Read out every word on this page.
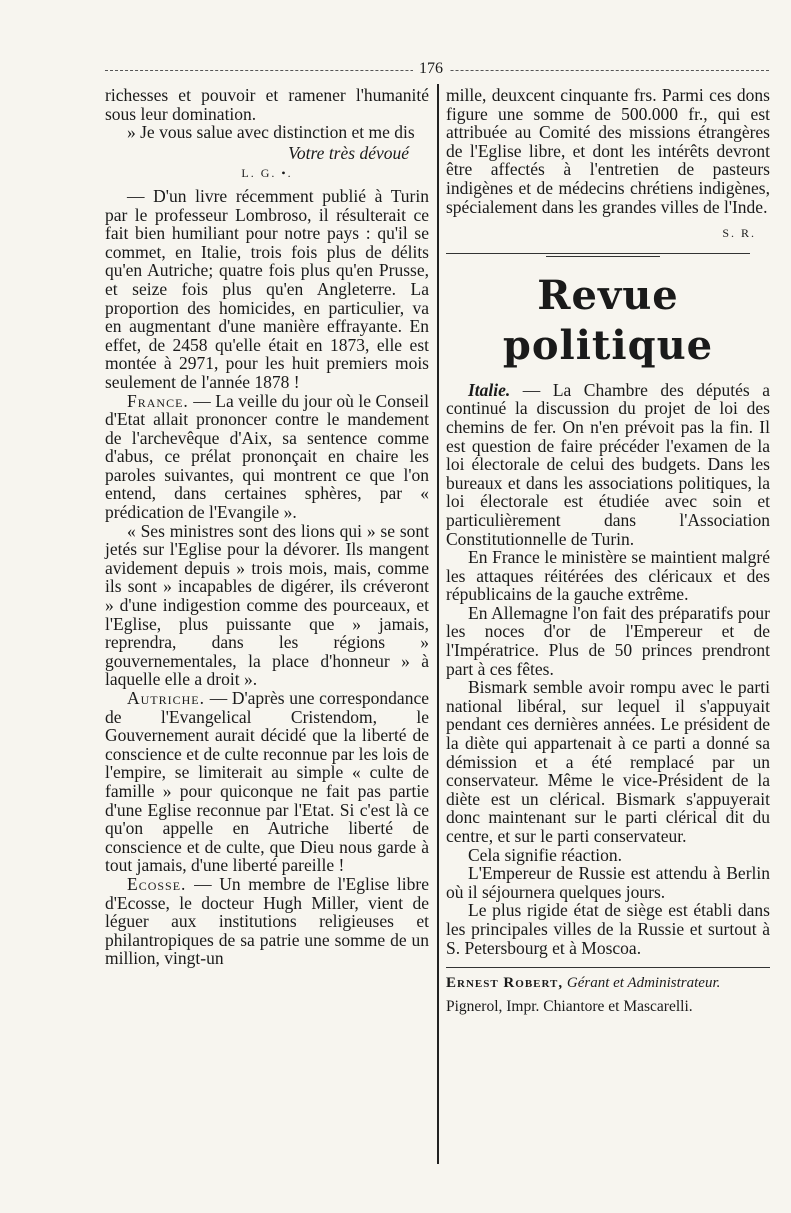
176

richesses et pouvoir et ramener l'humanité sous leur domination.

» Je vous salue avec distinction et me dis

Votre très dévoué

L. G. •.

— D'un livre récemment publié à Turin par le professeur Lombroso, il résulterait ce fait bien humiliant pour notre pays : qu'il se commet, en Italie, trois fois plus de délits qu'en Autriche; quatre fois plus qu'en Prusse, et seize fois plus qu'en Angleterre. La proportion des homicides, en particulier, va en augmentant d'une manière effrayante. En effet, de 2458 qu'elle était en 1873, elle est montée à 2971, pour les huit premiers mois seulement de l'année 1878 !

France. — La veille du jour où le Conseil d'Etat allait prononcer contre le mandement de l'archevêque d'Aix, sa sentence comme d'abus, ce prélat prononçait en chaire les paroles suivantes, qui montrent ce que l'on entend, dans certaines sphères, par « prédication de l'Evangile ».

« Ses ministres sont des lions qui » se sont jetés sur l'Eglise pour la dévorer. Ils mangent avidement depuis » trois mois, mais, comme ils sont » incapables de digérer, ils créveront » d'une indigestion comme des pourceaux, et l'Eglise, plus puissante que » jamais, reprendra, dans les régions » gouvernementales, la place d'honneur » à laquelle elle a droit ».

Autriche. — D'après une correspondance de l'Evangelical Cristendom, le Gouvernement aurait décidé que la liberté de conscience et de culte reconnue par les lois de l'empire, se limiterait au simple « culte de famille » pour quiconque ne fait pas partie d'une Eglise reconnue par l'Etat. Si c'est là ce qu'on appelle en Autriche liberté de conscience et de culte, que Dieu nous garde à tout jamais, d'une liberté pareille !

Ecosse. — Un membre de l'Eglise libre d'Ecosse, le docteur Hugh Miller, vient de léguer aux institutions religieuses et philantropiques de sa patrie une somme de un million, vingt-un

mille, deuxcent cinquante frs. Parmi ces dons figure une somme de 500.000 fr., qui est attribuée au Comité des missions étrangères de l'Eglise libre, et dont les intérêts devront être affectés à l'entretien de pasteurs indigènes et de médecins chrétiens indigènes, spécialement dans les grandes villes de l'Inde.

S. R.

Revue politique

Italie. — La Chambre des députés a continué la discussion du projet de loi des chemins de fer. On n'en prévoit pas la fin. Il est question de faire précéder l'examen de la loi électorale de celui des budgets. Dans les bureaux et dans les associations politiques, la loi électorale est étudiée avec soin et particulièrement dans l'Association Constitutionnelle de Turin.

En France le ministère se maintient malgré les attaques réitérées des cléricaux et des républicains de la gauche extrême.

En Allemagne l'on fait des préparatifs pour les noces d'or de l'Empereur et de l'Impératrice. Plus de 50 princes prendront part à ces fêtes.

Bismark semble avoir rompu avec le parti national libéral, sur lequel il s'appuyait pendant ces dernières années. Le président de la diète qui appartenait à ce parti a donné sa démission et a été remplacé par un conservateur. Même le vice-Président de la diète est un clérical. Bismark s'appuyerait donc maintenant sur le parti clérical dit du centre, et sur le parti conservateur.

Cela signifie réaction.

L'Empereur de Russie est attendu à Berlin où il séjournera quelques jours.

Le plus rigide état de siège est établi dans les principales villes de la Russie et surtout à S. Petersbourg et à Moscoa.

Ernest Robert, Gérant et Administrateur.

Pignerol, Impr. Chiantore et Mascarelli.
